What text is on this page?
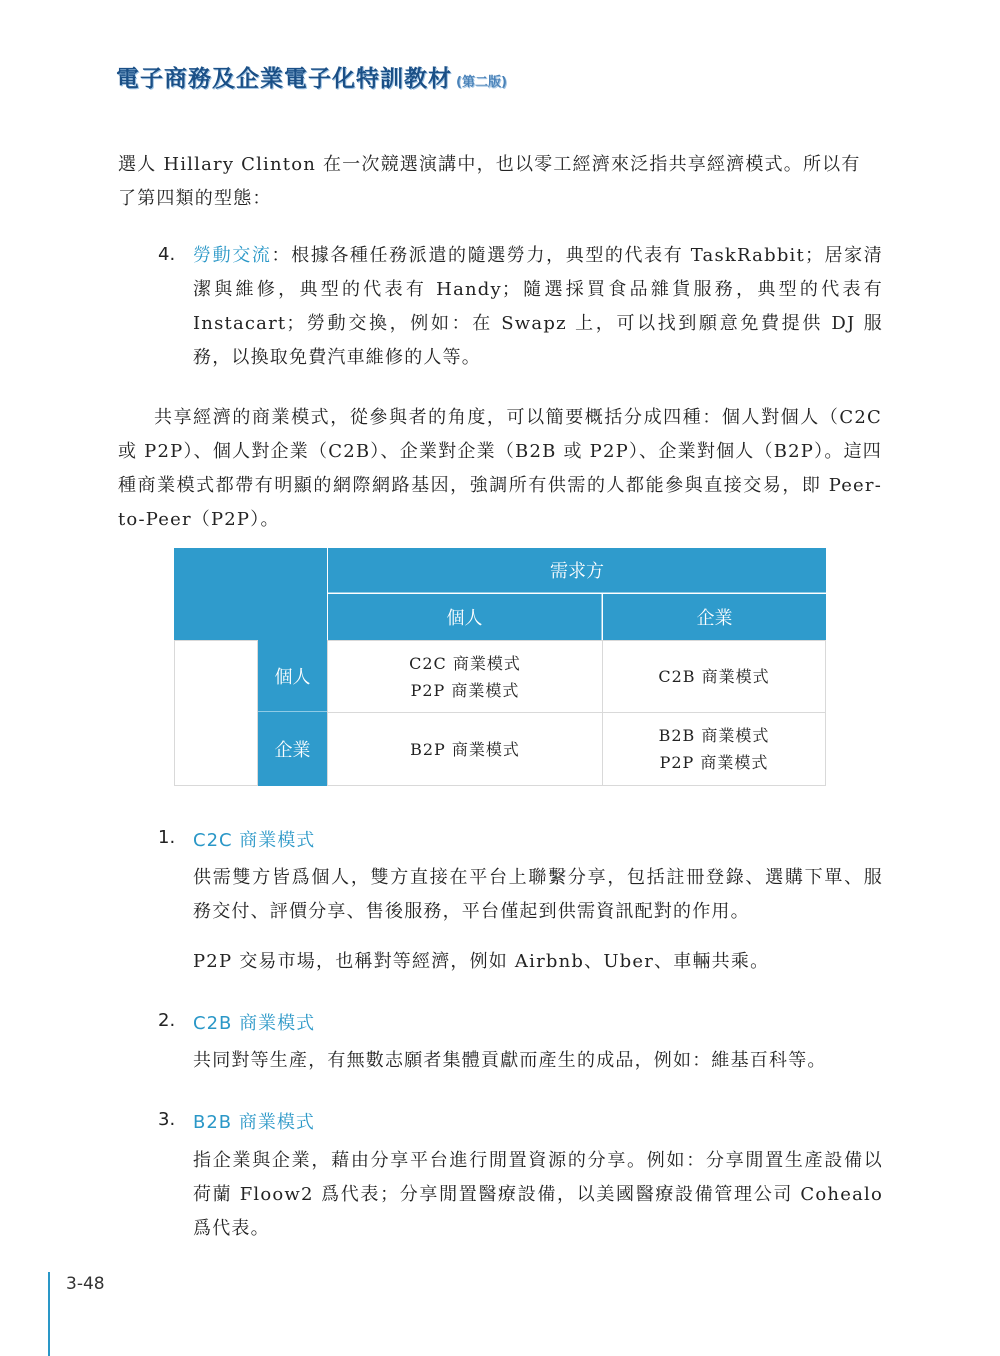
電子商務及企業電子化特訓教材 (第二版)
選人 Hillary Clinton 在一次競選演講中，也以零工經濟來泛指共享經濟模式。所以有
了第四類的型態：
4. 勞動交流：根據各種任務派遣的隨選勞力，典型的代表有 TaskRabbit；居家清潔與維修，典型的代表有 Handy；隨選採買食品雜貨服務，典型的代表有 Instacart；勞動交換，例如：在 Swapz 上，可以找到願意免費提供 DJ 服務，以換取免費汽車維修的人等。
共享經濟的商業模式，從參與者的角度，可以簡要概括分成四種：個人對個人（C2C 或 P2P）、個人對企業（C2B）、企業對企業（B2B 或 P2P）、企業對個人（B2P）。這四種商業模式都帶有明顯的網際網路基因，強調所有供需的人都能參與直接交易，即 Peer-to-Peer（P2P）。
需求方
個人	企業
個人
企業
C2C 商業模式
P2P 商業模式
C2B 商業模式
B2P 商業模式
B2B 商業模式
P2P 商業模式
1. C2C 商業模式
供需雙方皆爲個人，雙方直接在平台上聯繫分享，包括註冊登錄、選購下單、服務交付、評價分享、售後服務，平台僅起到供需資訊配對的作用。
P2P 交易市場，也稱對等經濟，例如 Airbnb、Uber、車輛共乘。
2. C2B 商業模式
共同對等生產，有無數志願者集體貢獻而產生的成品，例如：維基百科等。
3. B2B 商業模式
指企業與企業，藉由分享平台進行閒置資源的分享。例如：分享閒置生產設備以荷蘭 Floow2 爲代表；分享閒置醫療設備，以美國醫療設備管理公司 Cohealo 爲代表。
3-48
